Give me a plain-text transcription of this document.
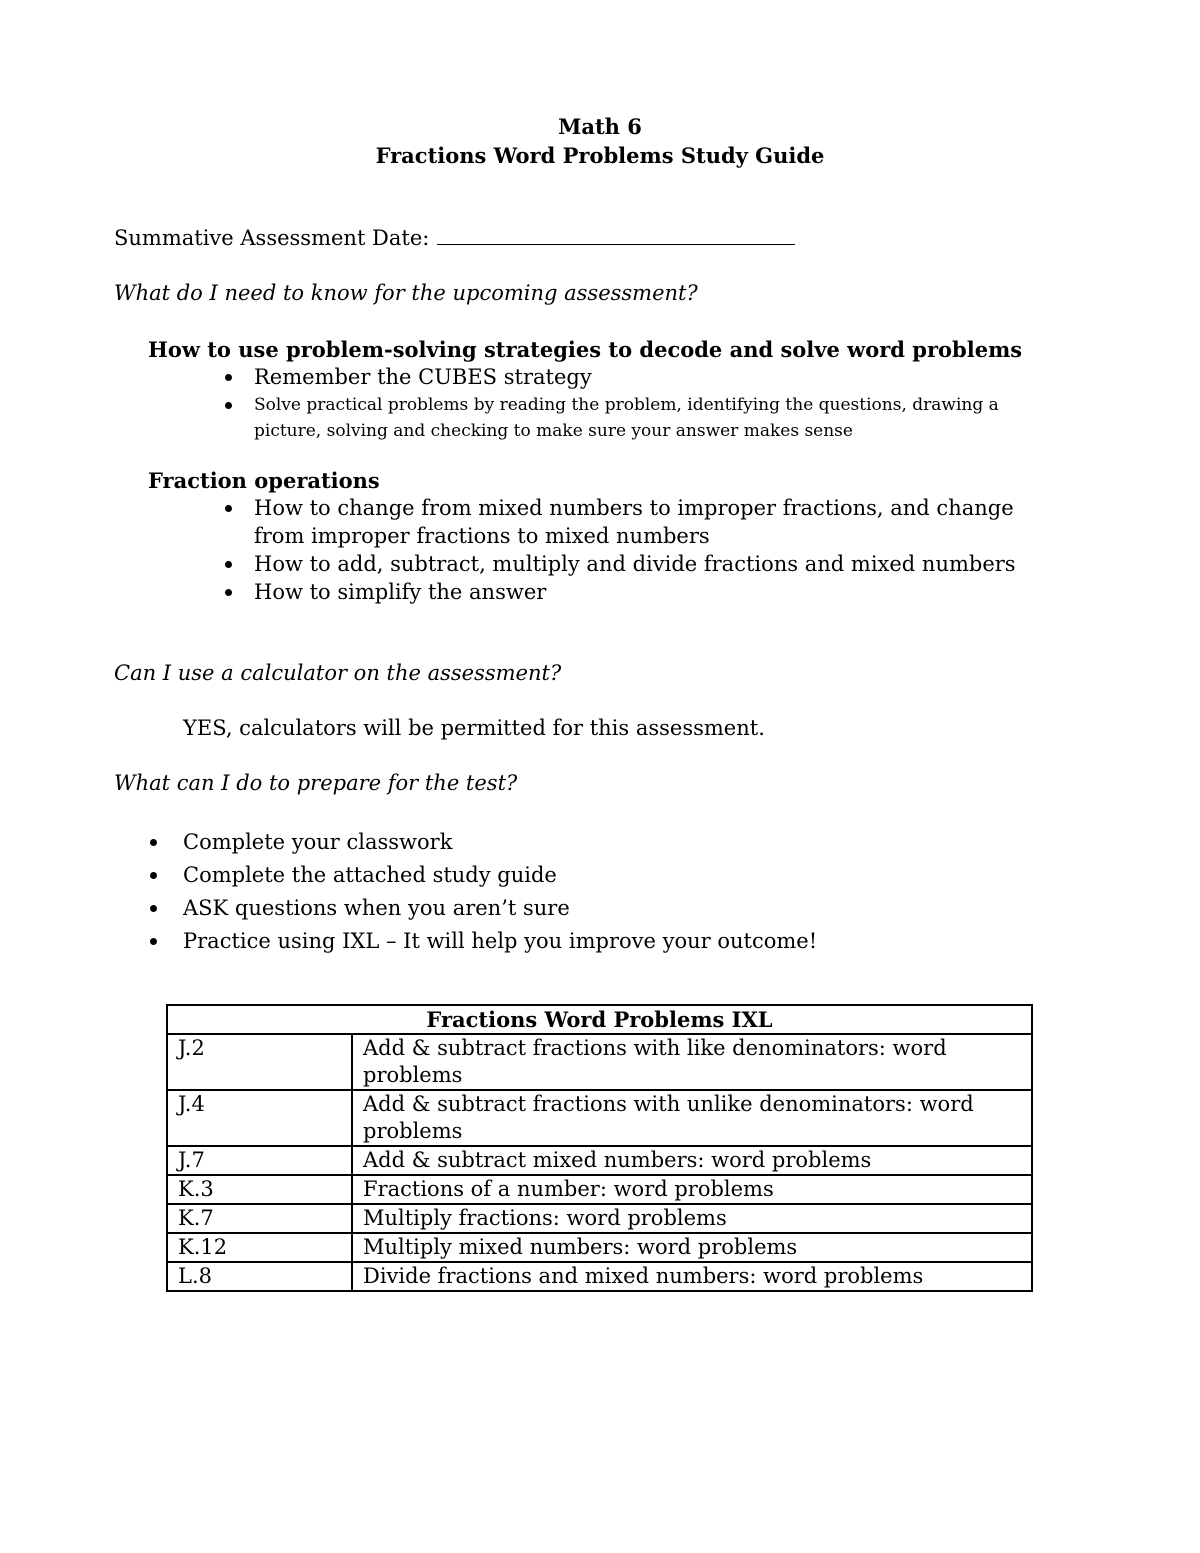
Math 6
Fractions Word Problems Study Guide
Summative Assessment Date:
What do I need to know for the upcoming assessment?
How to use problem-solving strategies to decode and solve word problems
Remember the CUBES strategy
Solve practical problems by reading the problem, identifying the questions, drawing a picture, solving and checking to make sure your answer makes sense
Fraction operations
How to change from mixed numbers to improper fractions, and change from improper fractions to mixed numbers
How to add, subtract, multiply and divide fractions and mixed numbers
How to simplify the answer
Can I use a calculator on the assessment?
YES, calculators will be permitted for this assessment.
What can I do to prepare for the test?
Complete your classwork
Complete the attached study guide
ASK questions when you aren’t sure
Practice using IXL – It will help you improve your outcome!
Fractions Word Problems IXL	
J.2	Add & subtract fractions with like denominators: word problems
J.4	Add & subtract fractions with unlike denominators: word problems
J.7	Add & subtract mixed numbers: word problems
K.3	Fractions of a number: word problems
K.7	Multiply fractions: word problems
K.12	Multiply mixed numbers: word problems
L.8	Divide fractions and mixed numbers: word problems
